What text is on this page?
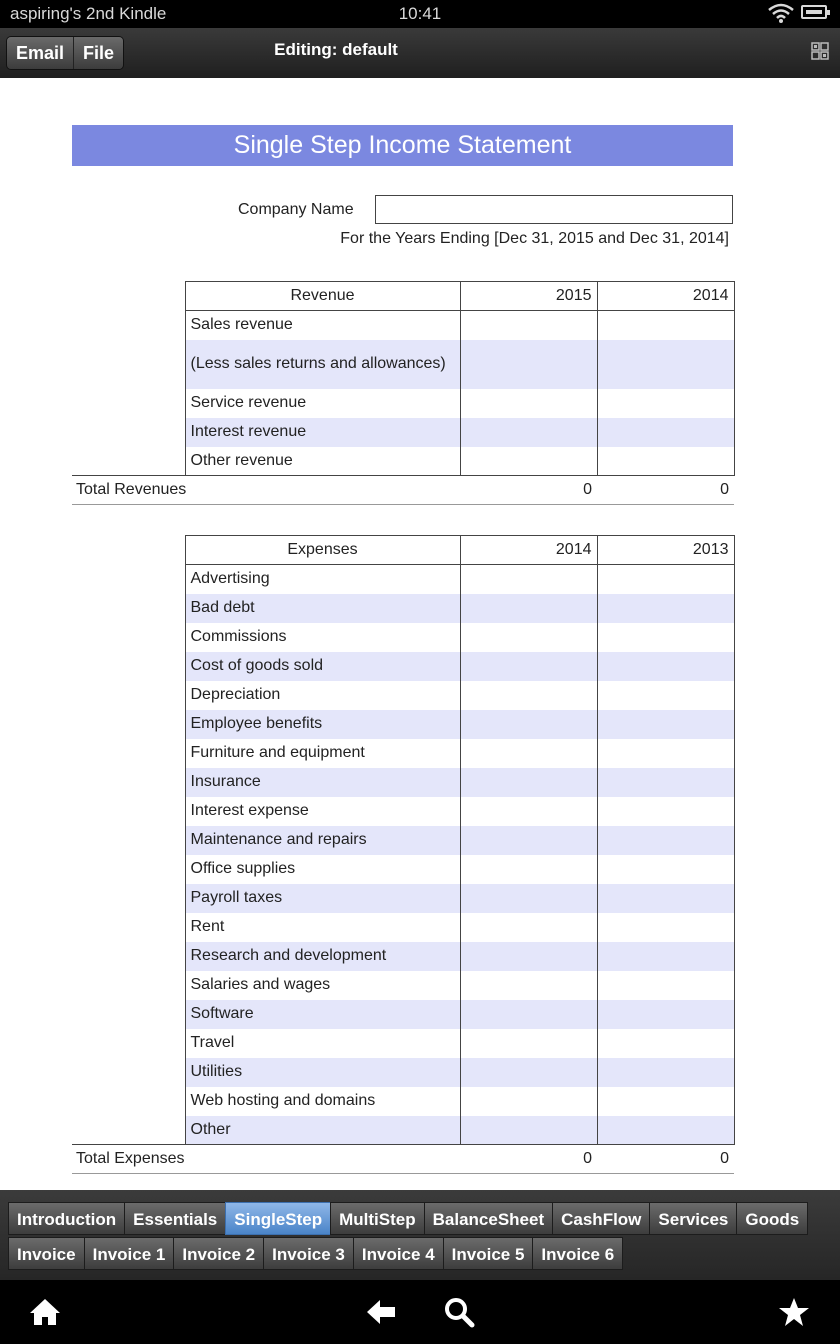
aspiring's 2nd Kindle	10:41
Email	File	Editing: default
Single Step Income Statement
Company Name
For the Years Ending [Dec 31, 2015 and Dec 31, 2014]
	Revenue	2015	2014
	Sales revenue		
	(Less sales returns and allowances)		
	Service revenue		
	Interest revenue		
	Other revenue		
Total Revenues		0	0
	Expenses	2014	2013
	Advertising		
	Bad debt		
	Commissions		
	Cost of goods sold		
	Depreciation		
	Employee benefits		
	Furniture and equipment		
	Insurance		
	Interest expense		
	Maintenance and repairs		
	Office supplies		
	Payroll taxes		
	Rent		
	Research and development		
	Salaries and wages		
	Software		
	Travel		
	Utilities		
	Web hosting and domains		
	Other		
Total Expenses		0	0
Introduction	Essentials	SingleStep	MultiStep	BalanceSheet	CashFlow	Services	Goods
Invoice	Invoice 1	Invoice 2	Invoice 3	Invoice 4	Invoice 5	Invoice 6
